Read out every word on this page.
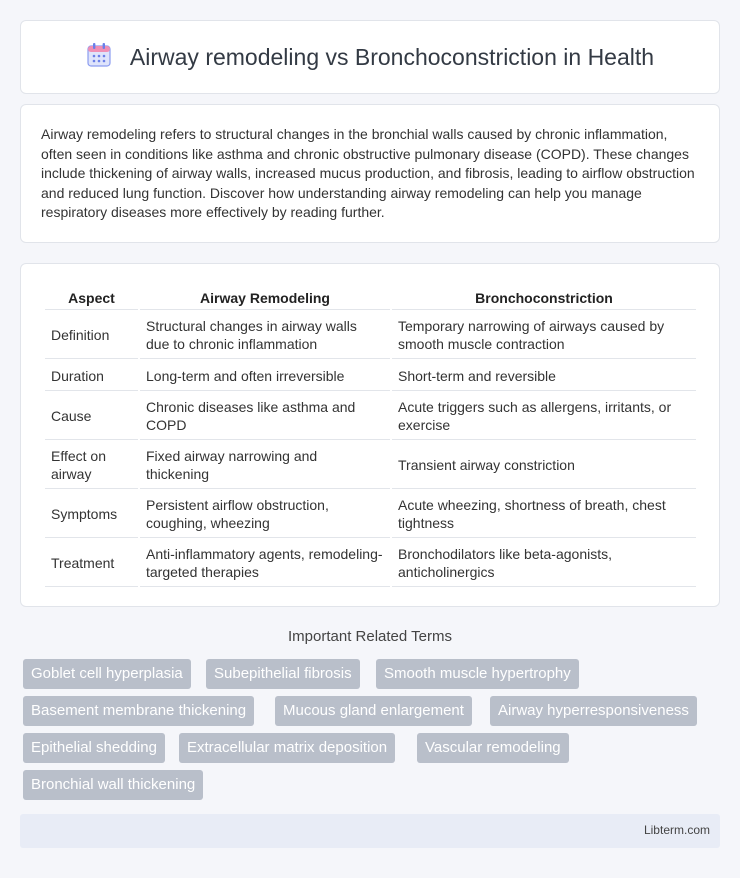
Airway remodeling vs Bronchoconstriction in Health

Airway remodeling refers to structural changes in the bronchial walls caused by chronic inflammation, often seen in conditions like asthma and chronic obstructive pulmonary disease (COPD). These changes include thickening of airway walls, increased mucus production, and fibrosis, leading to airflow obstruction and reduced lung function. Discover how understanding airway remodeling can help you manage respiratory diseases more effectively by reading further.

Aspect	Airway Remodeling	Bronchoconstriction
Definition	Structural changes in airway walls due to chronic inflammation	Temporary narrowing of airways caused by smooth muscle contraction
Duration	Long-term and often irreversible	Short-term and reversible
Cause	Chronic diseases like asthma and COPD	Acute triggers such as allergens, irritants, or exercise
Effect on airway	Fixed airway narrowing and thickening	Transient airway constriction
Symptoms	Persistent airflow obstruction, coughing, wheezing	Acute wheezing, shortness of breath, chest tightness
Treatment	Anti-inflammatory agents, remodeling-targeted therapies	Bronchodilators like beta-agonists, anticholinergics
Important Related Terms
Goblet cell hyperplasia	Subepithelial fibrosis	Smooth muscle hypertrophy
Basement membrane thickening	Mucous gland enlargement	Airway hyperresponsiveness
Epithelial shedding	Extracellular matrix deposition	Vascular remodeling
Bronchial wall thickening
Libterm.com
